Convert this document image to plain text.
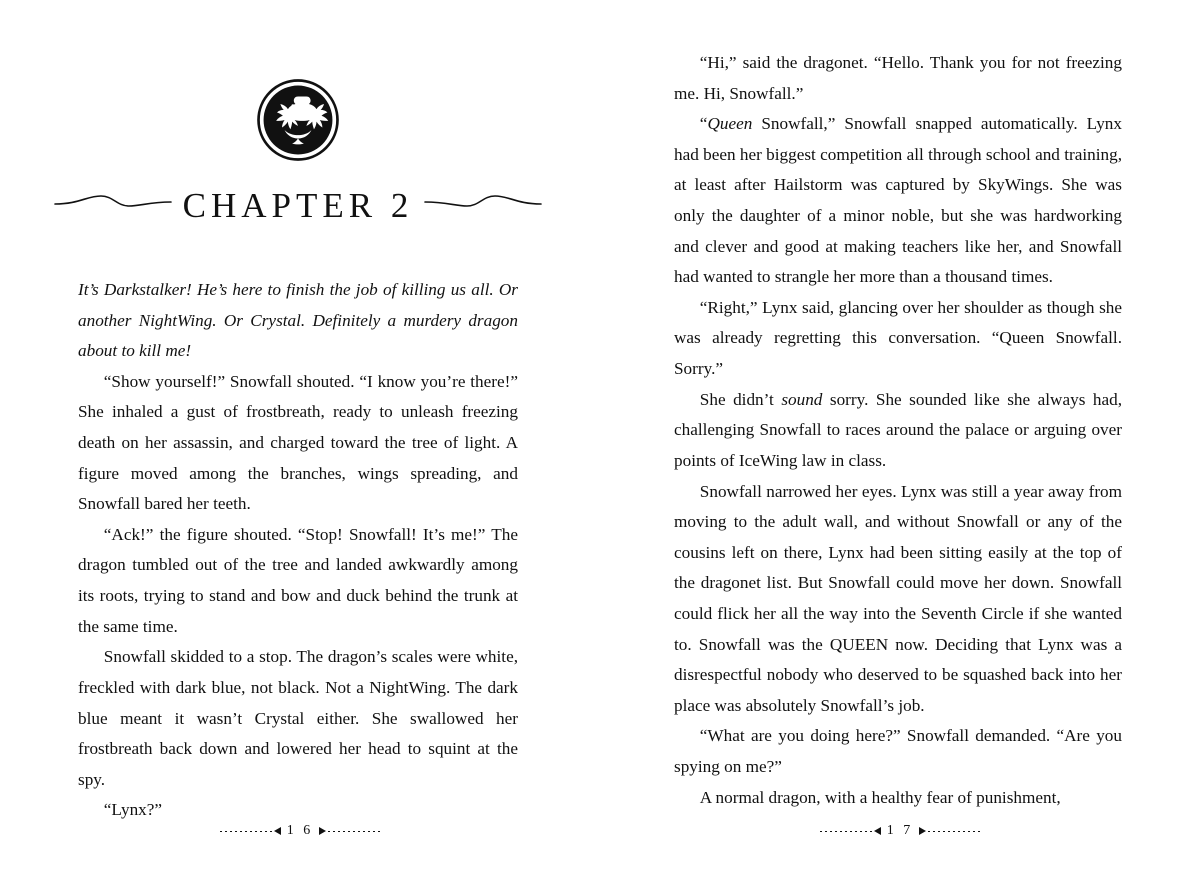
CHAPTER 2

It’s Darkstalker! He’s here to finish the job of killing us all. Or another NightWing. Or Crystal. Definitely a murdery dragon about to kill me!

“Show yourself!” Snowfall shouted. “I know you’re there!” She inhaled a gust of frostbreath, ready to unleash freezing death on her assassin, and charged toward the tree of light. A figure moved among the branches, wings spreading, and Snowfall bared her teeth.

“Ack!” the figure shouted. “Stop! Snowfall! It’s me!” The dragon tumbled out of the tree and landed awkwardly among its roots, trying to stand and bow and duck behind the trunk at the same time.

Snowfall skidded to a stop. The dragon’s scales were white, freckled with dark blue, not black. Not a NightWing. The dark blue meant it wasn’t Crystal either. She swallowed her frostbreath back down and lowered her head to squint at the spy.

“Lynx?”

1 6

“Hi,” said the dragonet. “Hello. Thank you for not freezing me. Hi, Snowfall.”

“Queen Snowfall,” Snowfall snapped automatically. Lynx had been her biggest competition all through school and training, at least after Hailstorm was captured by SkyWings. She was only the daughter of a minor noble, but she was hardworking and clever and good at making teachers like her, and Snowfall had wanted to strangle her more than a thousand times.

“Right,” Lynx said, glancing over her shoulder as though she was already regretting this conversation. “Queen Snowfall. Sorry.”

She didn’t sound sorry. She sounded like she always had, challenging Snowfall to races around the palace or arguing over points of IceWing law in class.

Snowfall narrowed her eyes. Lynx was still a year away from moving to the adult wall, and without Snowfall or any of the cousins left on there, Lynx had been sitting easily at the top of the dragonet list. But Snowfall could move her down. Snowfall could flick her all the way into the Seventh Circle if she wanted to. Snowfall was the QUEEN now. Deciding that Lynx was a disrespectful nobody who deserved to be squashed back into her place was absolutely Snowfall’s job.

“What are you doing here?” Snowfall demanded. “Are you spying on me?”

A normal dragon, with a healthy fear of punishment,

1 7
